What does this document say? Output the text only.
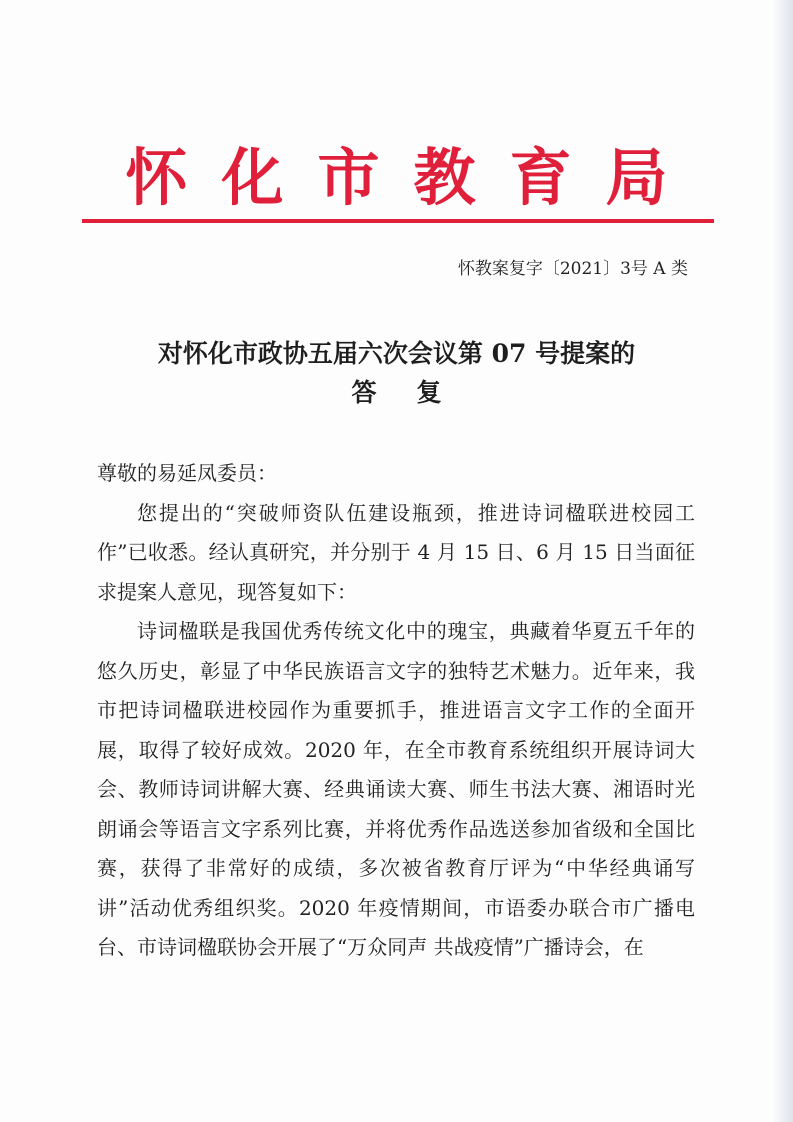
怀化市教育局
怀教案复字〔2021〕3号 A 类
对怀化市政协五届六次会议第 07 号提案的
答复

尊敬的易延凤委员：

您提出的“突破师资队伍建设瓶颈，推进诗词楹联进校园工作”已收悉。经认真研究，并分别于 4 月 15 日、6 月 15 日当面征求提案人意见，现答复如下：

诗词楹联是我国优秀传统文化中的瑰宝，典藏着华夏五千年的悠久历史，彰显了中华民族语言文字的独特艺术魅力。近年来，我市把诗词楹联进校园作为重要抓手，推进语言文字工作的全面开展，取得了较好成效。2020 年，在全市教育系统组织开展诗词大会、教师诗词讲解大赛、经典诵读大赛、师生书法大赛、湘语时光朗诵会等语言文字系列比赛，并将优秀作品选送参加省级和全国比赛，获得了非常好的成绩，多次被省教育厅评为“中华经典诵写讲”活动优秀组织奖。2020 年疫情期间，市语委办联合市广播电台、市诗词楹联协会开展了“万众同声 共战疫情”广播诗会，在
